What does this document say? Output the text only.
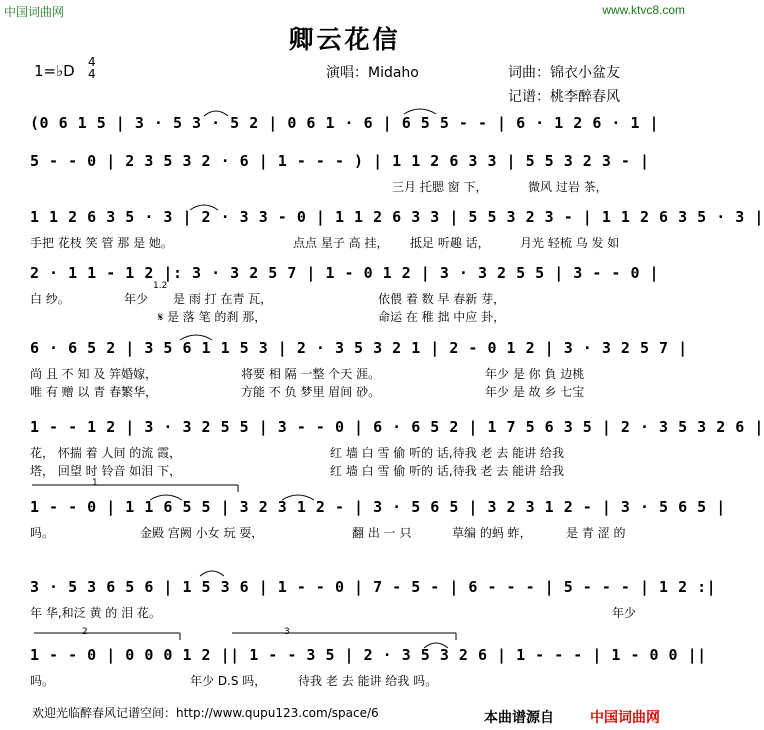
中国词曲网	www.ktvc8.com
卿云花信
1=♭D 4
4	演唱：Midaho	词曲：锦衣小盆友
记谱：桃李醉春风
(0 6 1 5 | 3 · 5 3 · 5 2 | 0 6 1 · 6 | 6 5 5 - - | 6 · 1 2 6 · 1 |
5 - - 0 | 2 3 5 3 2 · 6 | 1 - - - ) | 1 1 2 6 3 3 | 5 5 3 2 3 - |
三月 托腮 窗 下，	微风 过岩 茶，
1 1 2 6 3 5 · 3 | 2 · 3 3 - 0 | 1 1 2 6 3 3 | 5 5 3 2 3 - | 1 1 2 6 3 5 · 3 |
手把 花枝 笑 管 那 是 她。	点点 星子 高 挂， 抵足 听趣 话，	月光 轻梳 乌 发 如
2 · 1 1 - 1 2 |: 3 · 3 2 5 7 | 1 - 0 1 2 | 3 · 3 2 5 5 | 3 - - 0 |
白 纱。	年少
1.2
是 雨 打 在青 瓦，	依偎 着 数 早 春新 芽，
𝄋 是 落 笔 的刹 那，	命运 在 稚 拙 中应 卦，
6 · 6 5 2 | 3 5 6 1 1 5 3 | 2 · 3 5 3 2 1 | 2 - 0 1 2 | 3 · 3 2 5 7 |
尚 且 不 知 及 笄婚嫁，	将要 相 隔 一整 个天 涯。	年少 是 你 負 边桃
唯 有 赠 以 青 春繁华，	方能 不 负 梦里 眉间 砂。	年少 是 故 乡 七宝
1 - - 1 2 | 3 · 3 2 5 5 | 3 - - 0 | 6 · 6 5 2 | 1 7 5 6 3 5 | 2 · 3 5 3 2 6 |
花， 怀揣 着 人间 的流 霞，	红 墙 白 雪 偷 听的 话,待我 老 去 能讲 给我
塔， 回望 时 铃音 如泪 下，	红 墙 白 雪 偷 听的 话,待我 老 去 能讲 给我
1 - - 0 | 1 1 6 5 5 | 3 2 3 1 2 - | 3 · 5 6 5 | 3 2 3 1 2 - | 3 · 5 6 5 |
吗。	金殿 宫阙 小女 玩 耍，	翻 出 一 只	草编 的蚂 蚱，	是 青 涩 的
3 · 5 3 6 5 6 | 1 5 3 6 | 1 - - 0 | 7 - 5 - | 6 - - - | 5 - - - | 1 2 :|
年 华,和泛 黄 的 泪 花。	年少
1 - - 0 | 0 0 0 1 2 || 1 - - 3 5 | 2 · 3 5 3 2 6 | 1 - - - | 1 - 0 0 ||
吗。	年少 D.S 吗，	待我 老 去 能讲 给我 吗。
1
2	3
欢迎光临醉春风记谱空间：http://www.qupu123.com/space/6	本曲谱源自	中国词曲网
